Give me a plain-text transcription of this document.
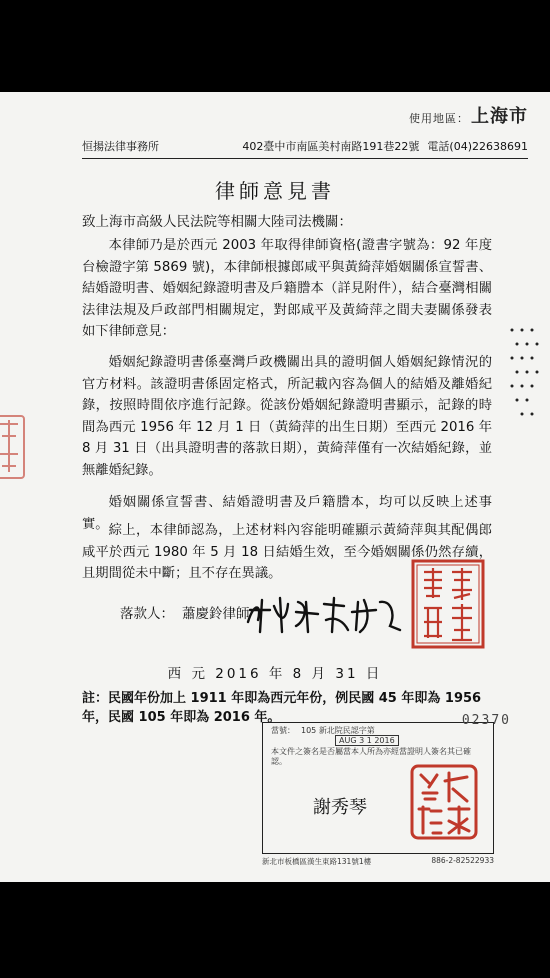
使用地區： 上海市
恒揚法律事務所	402臺中市南區美村南路191巷22號 電話(04)22638691
律師意見書
致上海市高級人民法院等相關大陸司法機關：
本律師乃是於西元 2003 年取得律師資格(證書字號為：92 年度台檢證字第 5869 號)，本律師根據郎咸平與黃綺萍婚姻關係宣誓書、結婚證明書、婚姻紀錄證明書及戶籍謄本（詳見附件），結合臺灣相關法律法規及戶政部門相關規定，對郎咸平及黃綺萍之間夫妻關係發表如下律師意見：
婚姻紀錄證明書係臺灣戶政機關出具的證明個人婚姻紀錄情況的官方材料。該證明書係固定格式，所記載內容為個人的結婚及離婚紀錄，按照時間依序進行記錄。從該份婚姻紀錄證明書顯示，記錄的時間為西元 1956 年 12 月 1 日（黃綺萍的出生日期）至西元 2016 年 8 月 31 日（出具證明書的落款日期），黃綺萍僅有一次結婚紀錄，並無離婚紀錄。
婚姻關係宣誓書、結婚證明書及戶籍謄本，均可以反映上述事實。 綜上，本律師認為，上述材料內容能明確顯示黃綺萍與其配偶郎咸平於西元 1980 年 5 月 18 日結婚生效，至今婚姻關係仍然存續，且期間從未中斷；且不存在異議。
落款人： 蕭慶鈴律師
西 元 2016 年 8 月 31 日
註：民國年份加上 1911 年即為西元年份，例民國 45 年即為 1956 年，民國 105 年即為 2016 年。	02370
當號： 105 新北院民認字第
AUG 3 1 2016
本文件之簽名是否屬當本人所為亦經當證明人簽名其已確認。
謝秀琴
新北市板橋區漢生東路131號1樓	886-2-82522933
